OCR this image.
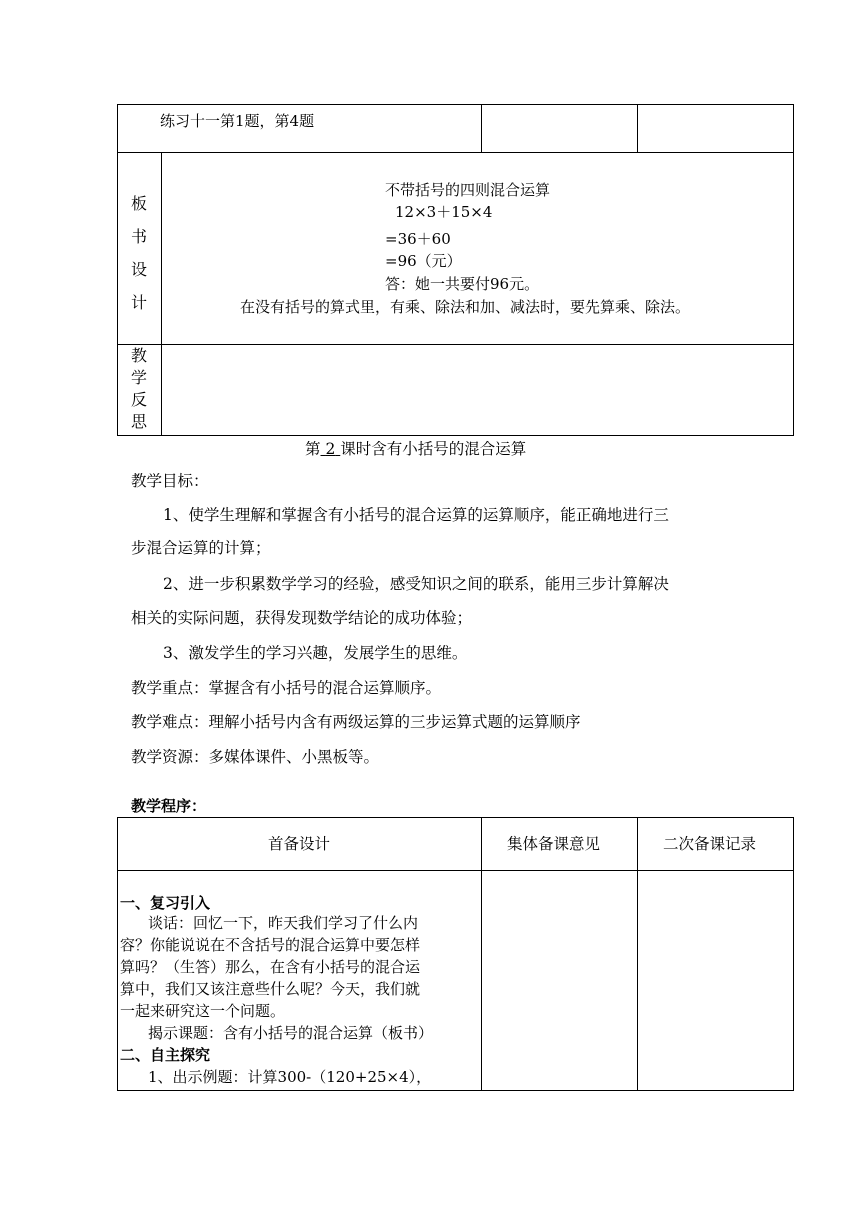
练习十一第1题，第4题
板
书
设
计
不带括号的四则混合运算
12×3＋15×4
=36＋60
=96（元）
答：她一共要付96元。
在没有括号的算式里，有乘、除法和加、减法时，要先算乘、除法。
教
学
反
思
第 2 课时含有小括号的混合运算
教学目标：
1、使学生理解和掌握含有小括号的混合运算的运算顺序，能正确地进行三
步混合运算的计算；
2、进一步积累数学学习的经验，感受知识之间的联系，能用三步计算解决
相关的实际问题，获得发现数学结论的成功体验；
3、激发学生的学习兴趣，发展学生的思维。
教学重点：掌握含有小括号的混合运算顺序。
教学难点：理解小括号内含有两级运算的三步运算式题的运算顺序
教学资源：多媒体课件、小黑板等。
教学程序：
首备设计	集体备课意见	二次备课记录
一、复习引入
谈话：回忆一下，昨天我们学习了什么内
容？你能说说在不含括号的混合运算中要怎样
算吗？（生答）那么，在含有小括号的混合运
算中，我们又该注意些什么呢？今天，我们就
一起来研究这一个问题。
揭示课题：含有小括号的混合运算（板书）
二、自主探究
1、出示例题：计算300-（120+25×4），
